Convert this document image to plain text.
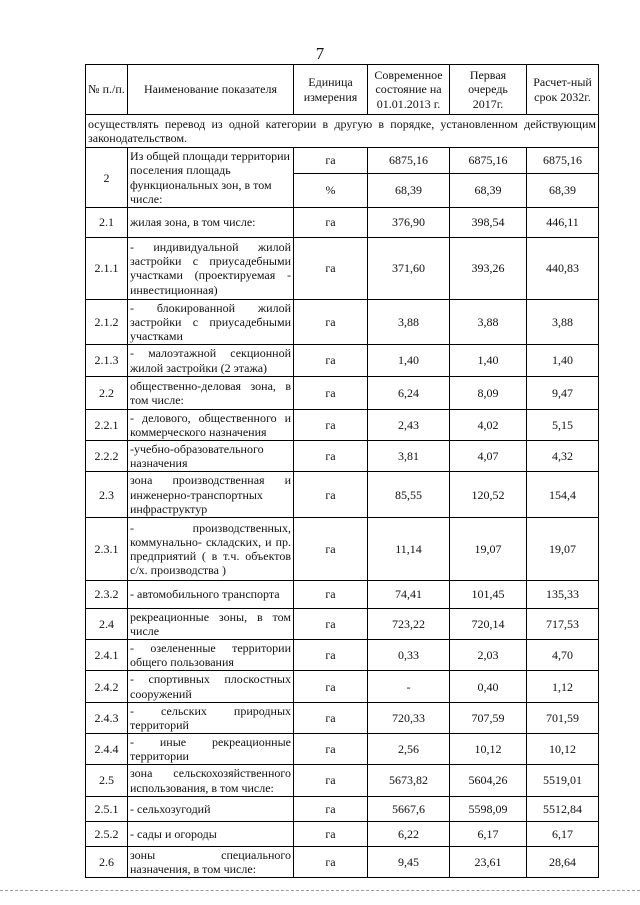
7
№ п./п.	Наименование показателя	Единица измерения	Современное состояние на 01.01.2013 г.	Первая очередь 2017г.	Расчет-ный срок 2032г.
осуществлять перевод из одной категории в другую в порядке, установленном действующим законодательством.					
2	Из общей площади территории поселения площадь функциональных зон, в том числе:	га	6875,16	6875,16	6875,16
		%	68,39	68,39	68,39
2.1	жилая зона, в том числе:	га	376,90	398,54	446,11
2.1.1	- индивидуальной жилой застройки с приусадебными участками (проектируемая - инвестиционная)	га	371,60	393,26	440,83
2.1.2	- блокированной жилой застройки с приусадебными участками	га	3,88	3,88	3,88
2.1.3	- малоэтажной секционной жилой застройки (2 этажа)	га	1,40	1,40	1,40
2.2	общественно-деловая зона, в том числе:	га	6,24	8,09	9,47
2.2.1	- делового, общественного и коммерческого назначения	га	2,43	4,02	5,15
2.2.2	-учебно-образовательного назначения	га	3,81	4,07	4,32
2.3	зона производственная и инженерно-транспортных инфраструктур	га	85,55	120,52	154,4
2.3.1	- производственных, коммунально- складских, и пр. предприятий ( в т.ч. объектов с/х. производства )	га	11,14	19,07	19,07
2.3.2	- автомобильного транспорта	га	74,41	101,45	135,33
2.4	рекреационные зоны, в том числе	га	723,22	720,14	717,53
2.4.1	- озелененные территории общего пользования	га	0,33	2,03	4,70
2.4.2	- спортивных плоскостных сооружений	га	-	0,40	1,12
2.4.3	- сельских природных территорий	га	720,33	707,59	701,59
2.4.4	- иные рекреационные территории	га	2,56	10,12	10,12
2.5	зона сельскохозяйственного использования, в том числе:	га	5673,82	5604,26	5519,01
2.5.1	- сельхозугодий	га	5667,6	5598,09	5512,84
2.5.2	- сады и огороды	га	6,22	6,17	6,17
2.6	зоны специального назначения, в том числе:	га	9,45	23,61	28,64
